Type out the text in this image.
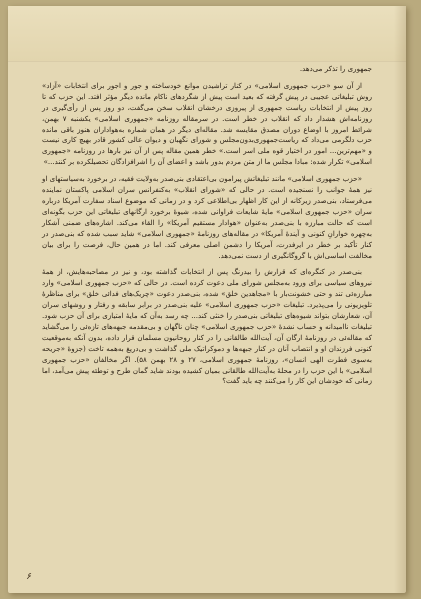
جمهوری را تذکر می‌دهد.

از آن سو «حزب جمهوری اسلامی» در کنار تراشیدن موانع خودساخته و جور و اجور برای انتخابات «آزاد» روش تبلیغاتی عجیبی در پیش گرفته که بعید است پیش از شگردهای ناکام مانده دیگر مؤثر افتد. این حزب که تا روز پیش از انتخابات ریاست جمهوری از پیروزی درخشان انقلاب سخن می‌گفت، دو روز پس از رأی‌گیری در روزنامه‌اش هشدار داد که انقلاب در خطر است. در سرمقاله روزنامه «جمهوری اسلامی» یکشنبه ۷ بهمن، شرائط امروز با اوضاع دوران مصدق مقایسه شد. مقاله‌ای دیگر در همان شماره به‌هواداران هنوز باقی مانده حزب دلگرمی می‌داد که ریاست‌جمهوری‌بدون‌مجلس و شورای نگهبان و دیوان عالی کشور قادر بهیچ کاری نیست و «مهم‌ترین... امور در اختیار قوه ملی اسر است.» خطر همین مقاله پس از آن نیز بارها در روزنامه «جمهوری اسلامی» تکرار شده: مبادا مجلس ما از متن مردم بدور باشد و اعضای آن را اشرافزادگان تحصیلکرده بر کنند...»

«حزب جمهوری اسلامی» مانند تبلیغاتش پیرامون بی‌اعتقادی بنی‌صدر به‌ولایت فقیه، در برخورد به‌سیاستهای او نیز همهٔ جوانب را نسنجیده است. در حالی که «شورای انقلاب» به‌کنفرانس سران اسلامی پاکستان نماینده می‌فرستاد، بنی‌صدر زیرکانه از این کار اظهار بی‌اطلاعی کرد و در زمانی که موضوع اسناد سفارت آمریکا درباره سران «حزب جمهوری اسلامی» مایهٔ شایعات فراوانی شده، شیوهٔ برخورد ارگانهای تبلیغاتی این حزب بگونه‌ای است که حالت مبارزه با بنی‌صدر به‌عنوان «هوادار مستقیم آمریکا» را القاء می‌کند. اشاره‌های ضمنی آشکار به‌چهره خوارانِ کنونی و آیندهٔ آمریکا» در مقاله‌های روزنامهٔ «جمهوری اسلامی» شاید سبب شده که بنی‌صدر در کنار تأکید بر خطر در ایرفدرت، آمریکا را دشمن اصلی معرفی کند. اما در همین حال، فرصت را برای بیان مخالفت اساسی‌اش با گروگانگیری از دست نمی‌دهد.

بنی‌صدر در کنگره‌ای که قرارش را بیدرنگ پس از انتخابات گذاشته بود، و نیز در مصاحبه‌هایش، از همهٔ نیروهای سیاسی برای ورود به‌مجلس شورای ملی دعوت کرده است. در حالی که «حزب جمهوری اسلامی» وارد مبارزه‌ئی تند و حتی خشونت‌بار با «مجاهدین خلق» شده، بنی‌صدر دعوت «چریک‌های فدائی خلق» برای مناظرهٔ تلویزیونی را می‌پذیرد. تبلیغات «حزب جمهوری اسلامی» علیه بنی‌صدر در برابر سابقه و رفتار و روشهای سران آن، شعارشان بتواند شیوه‌های تبلیغاتی بنی‌صدر را خنثی کند... چه رسد به‌آن که مایهٔ امتیازی برای آن حزب شود. تبلیغات ناامیدانه و حساب نشدهٔ «حزب جمهوری اسلامی» چنان ناگهان و بی‌مقدمه جبهه‌های تازه‌ئی را می‌گشاید که مقاله‌ئی در روزنامهٔ ارگان آن، آیت‌الله طالقانی را در کنار روحانیون مسلمان قرار داده، بدون آنکه به‌موقعیت کنونی فرزندان او و انتصاب آنان در کنار جبهه‌ها و دموکراتیک ملی گذاشت و بی‌دریغ به‌همه تاخت (جزوهٔ «جریحه به‌سوی فطرت الهی انسان»، روزنامهٔ جمهوری اسلامی، ۲۷ و ۲۸ بهمن ۵۸). اگر مخالفان «حزب جمهوری اسلامی» با این حزب را در محلهٔ به‌آیت‌الله طالقانی بمیان کشیده بودند شاید گمان طرح و توطئه پیش می‌آمد، اما زمانی که خودشان این کار را می‌کنند چه باید گفت؟

۶
